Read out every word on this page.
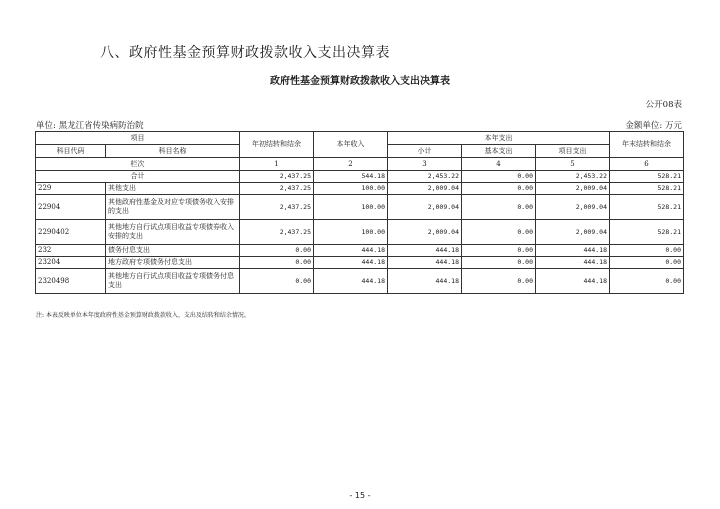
八、政府性基金预算财政拨款收入支出决算表
政府性基金预算财政拨款收入支出决算表
公开08表
单位: 黑龙江省传染病防治院	金额单位: 万元
项目		年初结转和结余	本年收入	本年支出			年末结转和结余
科目代码	科目名称			小计	基本支出	项目支出	
栏次		1	2	3	4	5	6
合计		2,437.25	544.18	2,453.22	0.00	2,453.22	528.21
229	其他支出	2,437.25	100.00	2,009.04	0.00	2,009.04	528.21
22904	其他政府性基金及对应专项债务收入安排的支出	2,437.25	100.00	2,009.04	0.00	2,009.04	528.21
2290402	其他地方自行试点项目收益专项债券收入安排的支出	2,437.25	100.00	2,009.04	0.00	2,009.04	528.21
232	债务付息支出	0.00	444.18	444.18	0.00	444.18	0.00
23204	地方政府专项债务付息支出	0.00	444.18	444.18	0.00	444.18	0.00
2320498	其他地方自行试点项目收益专项债务付息支出	0.00	444.18	444.18	0.00	444.18	0.00
注: 本表反映单位本年度政府性基金预算财政拨款收入、支出及结转和结余情况。
- 15 -
